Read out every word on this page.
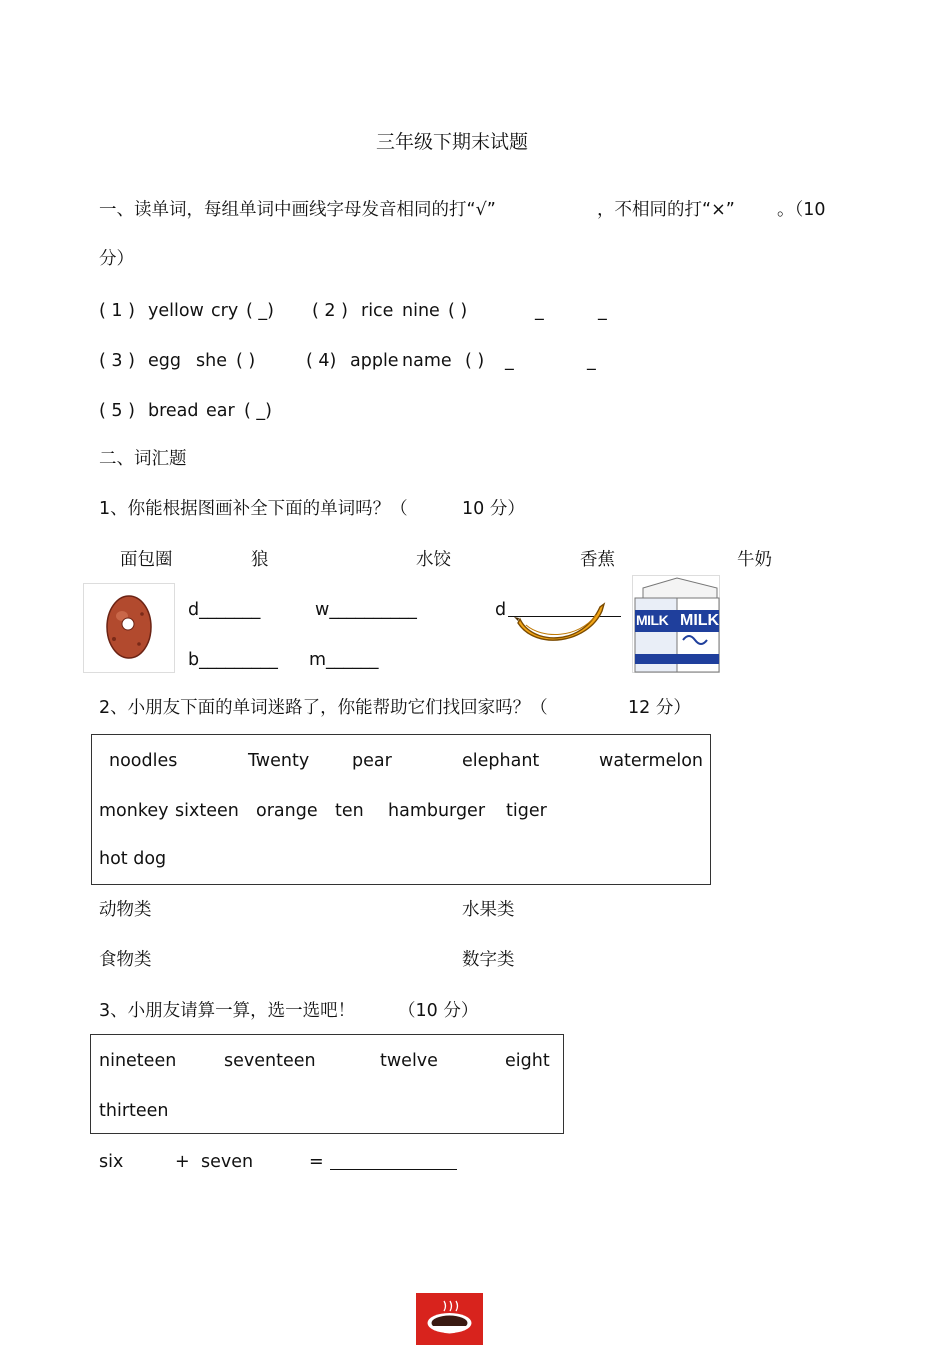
三年级下期末试题
一、读单词，每组单词中画线字母发音相同的打“√”	，不相同的打“×” 。（10
分）
( 1 ) yellow cry ( _) ( 2 ) rice nine ( )	_	_
( 3 ) egg she ( )	( 4) apple name ( ) _	_
( 5 ) bread ear ( _)
二、词汇题
1、你能根据图画补全下面的单词吗？（	10 分）
面包圈	狼	水饺	香蕉	牛奶
d_______	w__________	d	MILK MILK
b_________ m______
2、小朋友下面的单词迷路了，你能帮助它们找回家吗？（	12 分）
noodles	Twenty pear	elephant	watermelon
monkey sixteen orange ten hamburger tiger
hot dog
动物类	水果类
食物类	数字类
3、小朋友请算一算，选一选吧！ （10 分）
nineteen	seventeen	twelve	eight
thirteen
six	+ seven	=
